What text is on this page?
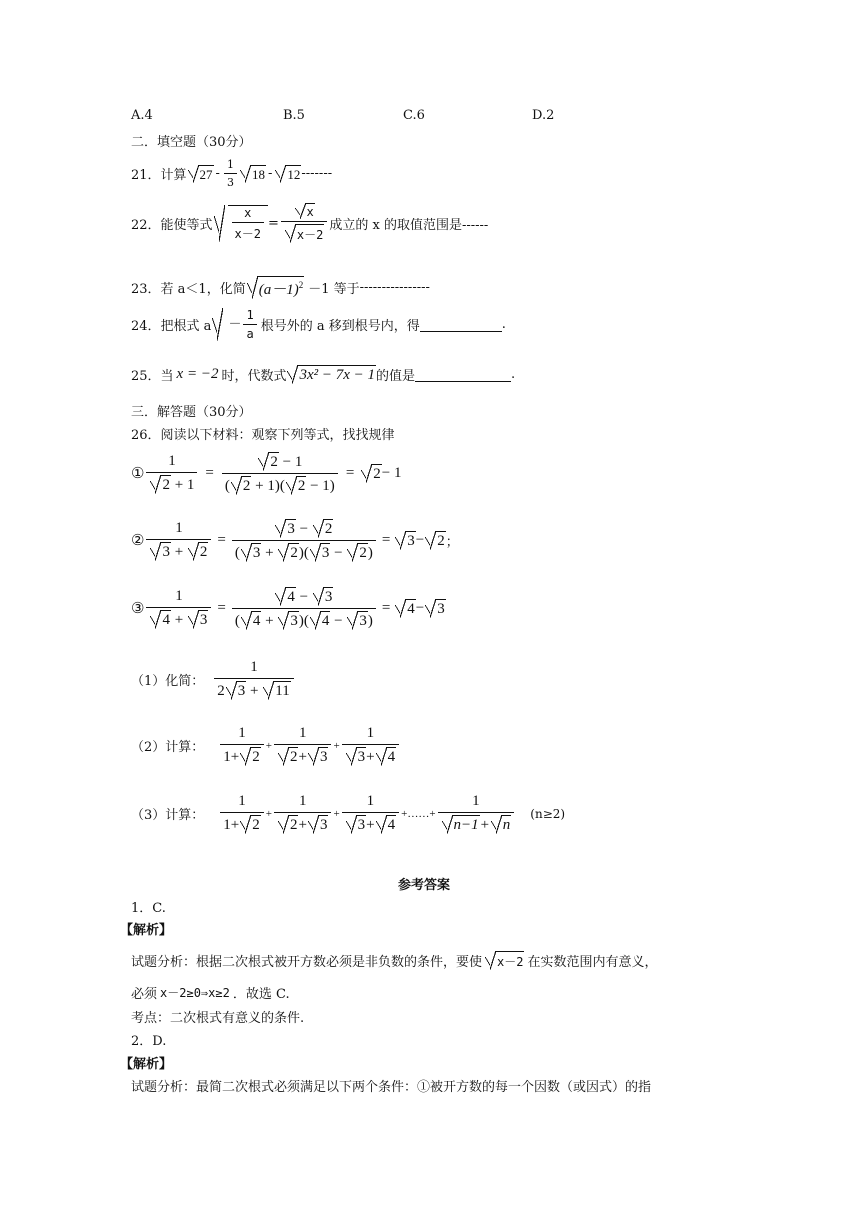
A.4	B.5	C.6	D.2
二．填空题（30分）
21．计算	$27 - \frac{1}{3}$	18 -	12 -------
22．能使等式 $\frac{x}{x-2} = \frac{x}{x-2}$ 成立的 x 的取值范围是------
23．若 a＜1，化简 $(a-1)^2 -1$ 等于 ----------------
24．把根式 a	－ $\frac{1}{a}$ 根号外的 a 移到根号内，得	.
25．当 x = −2 时，代数式 3x² − 7x − 1 的值是	.
三．解答题（30分）
26．阅读以下材料：观察下列等式，找找规律
① $\frac{1}{2 + 1} = \frac{2 - 1}{( 2 + 1)( 2 - 1)}$ =	2 − 1
② $\frac{1}{3 + 2} = \frac{3 - 2}{( 3 + 2)( 3 - 2)}$ =	3 − 2 ；
③ $\frac{1}{4 + 3} = \frac{4 - 3}{( 4 + 3)( 4 - 3)}$ =	4 − 3
（1）化简： $\frac{1}{2 3 + 11}$
（2）计算： $\frac{1}{1+ 2} + \frac{1}{2+ 3} + \frac{1}{3+ 4}$
（3）计算： $\frac{1}{1+ 2} + \frac{1}{2+ 3} + \frac{1}{3+ 4}$ +……+ $\frac{1}{n-1+ n} (n\ge 2)$
参考答案
1．C.
【解析】
试题分析：根据二次根式被开方数必须是非负数的条件，要使	x－2 在实数范围内有意义，
必须 x－2≥0⇒x≥2 ．故选 C.
考点：二次根式有意义的条件.
2．D.
【解析】
试题分析：最简二次根式必须满足以下两个条件：①被开方数的每一个因数（或因式）的指
